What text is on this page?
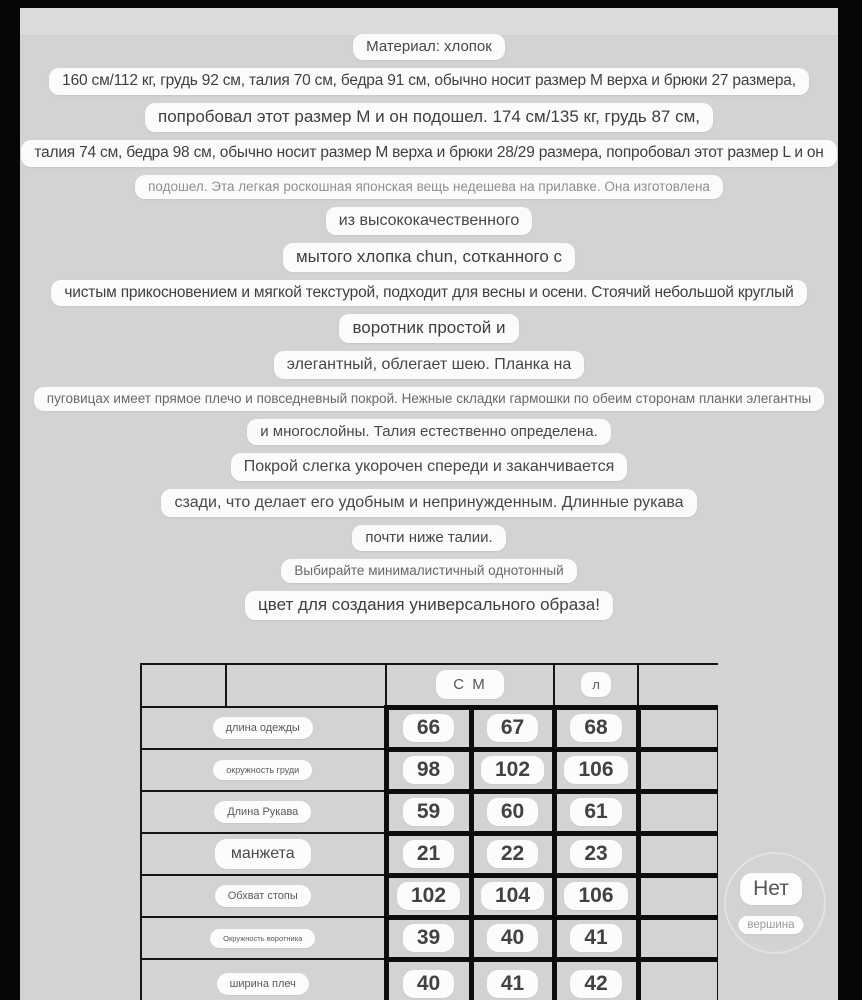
Материал: хлопок
160 см/112 кг, грудь 92 см, талия 70 см, бедра 91 см, обычно носит размер М верха и брюки 27 размера,
попробовал этот размер М и он подошел. 174 см/135 кг, грудь 87 см,
талия 74 см, бедра 98 см, обычно носит размер М верха и брюки 28/29 размера, попробовал этот размер L и он
подошел. Эта легкая роскошная японская вещь недешева на прилавке. Она изготовлена
из высококачественного
мытого хлопка chun, сотканного с
чистым прикосновением и мягкой текстурой, подходит для весны и осени. Стоячий небольшой круглый
воротник простой и
элегантный, облегает шею. Планка на
пуговицах имеет прямое плечо и повседневный покрой. Нежные складки гармошки по обеим сторонам планки элегантны
и многослойны. Талия естественно определена.
Покрой слегка укорочен спереди и заканчивается
сзади, что делает его удобным и непринужденным. Длинные рукава
почти ниже талии.
Выбирайте минималистичный однотонный
цвет для создания универсального образа!
		С М		л	
длина одежды		66	67	68	
окружность груди		98	102	106	
Длина Рукава		59	60	61	
манжета		21	22	23	
Обхват стопы		102	104	106	
Окружность воротника		39	40	41	
ширина плеч		40	41	42	
Нет
вершина
